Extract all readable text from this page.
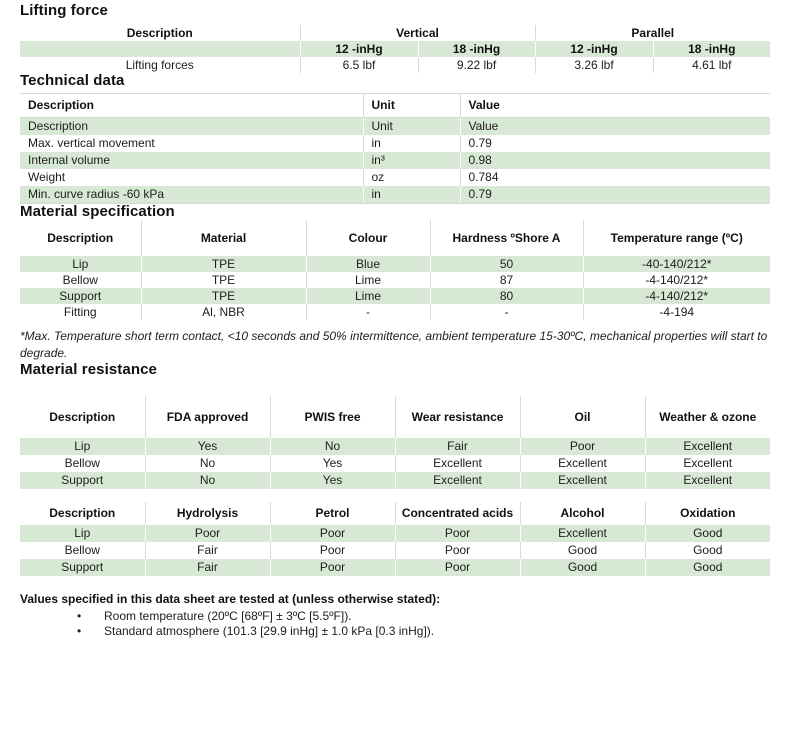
Lifting force
Description	Vertical		Parallel	
	12 -inHg	18 -inHg	12 -inHg	18 -inHg
Lifting forces	6.5 lbf	9.22 lbf	3.26 lbf	4.61 lbf
Technical data
Description	Unit	Value
Description	Unit	Value
Max. vertical movement	in	0.79
Internal volume	in³	0.98
Weight	oz	0.784
Min. curve radius -60 kPa	in	0.79
Material specification
Description	Material	Colour	Hardness ºShore A	Temperature range (ºC)
Lip	TPE	Blue	50	-40-140/212*
Bellow	TPE	Lime	87	-4-140/212*
Support	TPE	Lime	80	-4-140/212*
Fitting	Al, NBR	-	-	-4-194

*Max. Temperature short term contact, <10 seconds and 50% intermittence, ambient temperature 15-30ºC, mechanical properties will start to degrade.

Material resistance
Description	FDA approved	PWIS free	Wear resistance	Oil	Weather & ozone
Lip	Yes	No	Fair	Poor	Excellent
Bellow	No	Yes	Excellent	Excellent	Excellent
Support	No	Yes	Excellent	Excellent	Excellent
Description	Hydrolysis	Petrol	Concentrated acids	Alcohol	Oxidation
Lip	Poor	Poor	Poor	Excellent	Good
Bellow	Fair	Poor	Poor	Good	Good
Support	Fair	Poor	Poor	Good	Good
Values specified in this data sheet are tested at (unless otherwise stated):
•	Room temperature (20ºC [68ºF] ± 3ºC [5.5ºF]).
•	Standard atmosphere (101.3 [29.9 inHg] ± 1.0 kPa [0.3 inHg]).
